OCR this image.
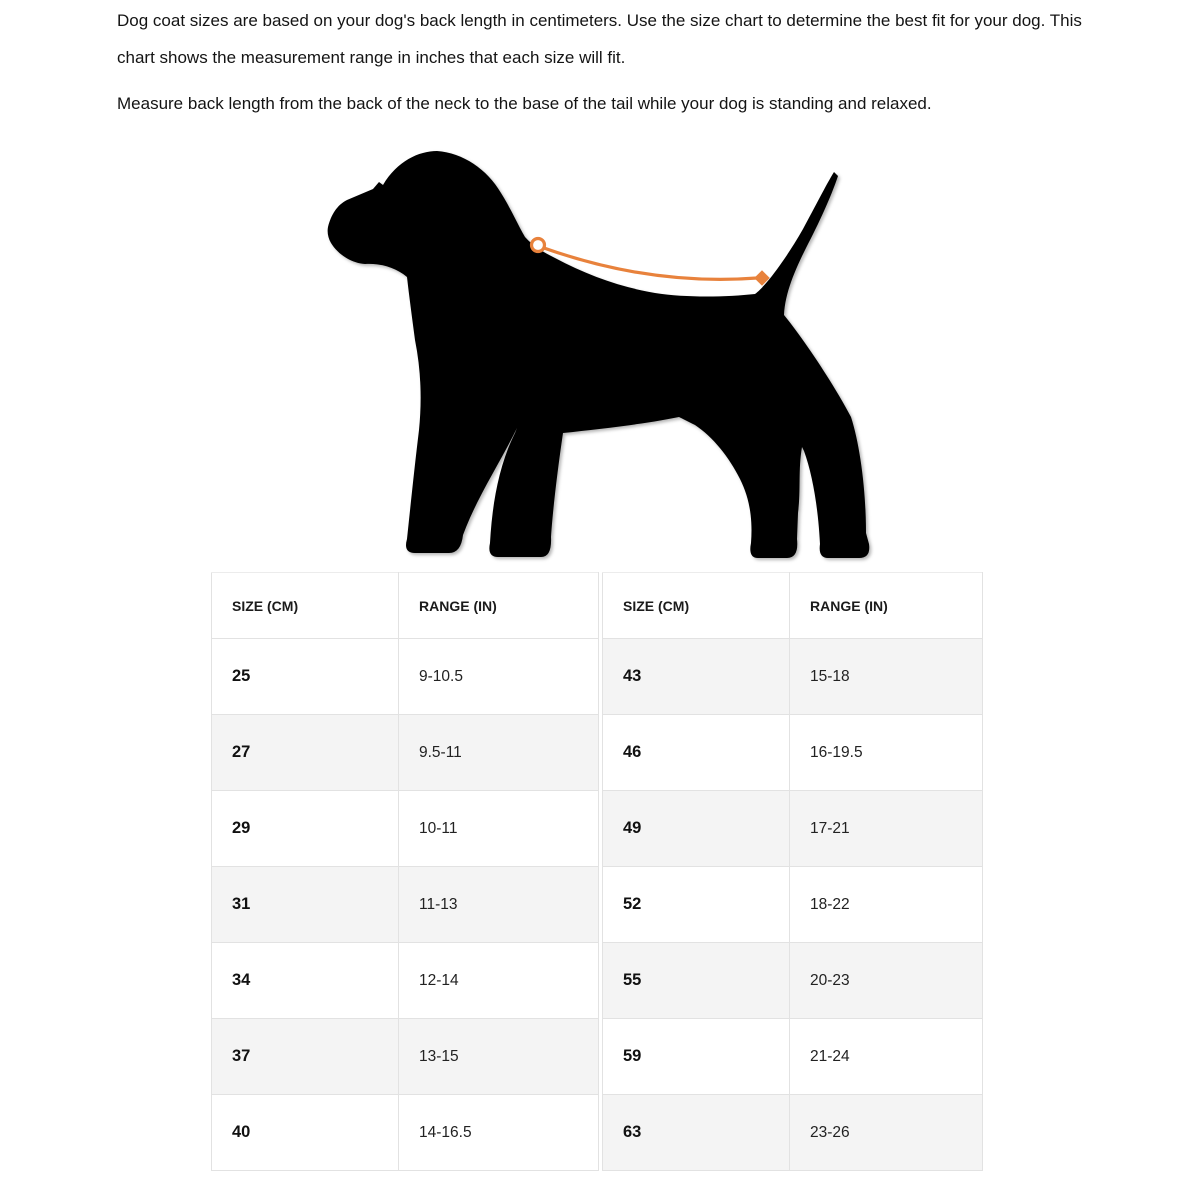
Dog coat sizes are based on your dog's back length in centimeters. Use the size chart to determine the best fit for your dog. This chart shows the measurement range in inches that each size will fit.

Measure back length from the back of the neck to the base of the tail while your dog is standing and relaxed.

SIZE (CM)	RANGE (IN)
25	9-10.5
27	9.5-11
29	10-11
31	11-13
34	12-14
37	13-15
40	14-16.5
SIZE (CM)	RANGE (IN)
43	15-18
46	16-19.5
49	17-21
52	18-22
55	20-23
59	21-24
63	23-26
